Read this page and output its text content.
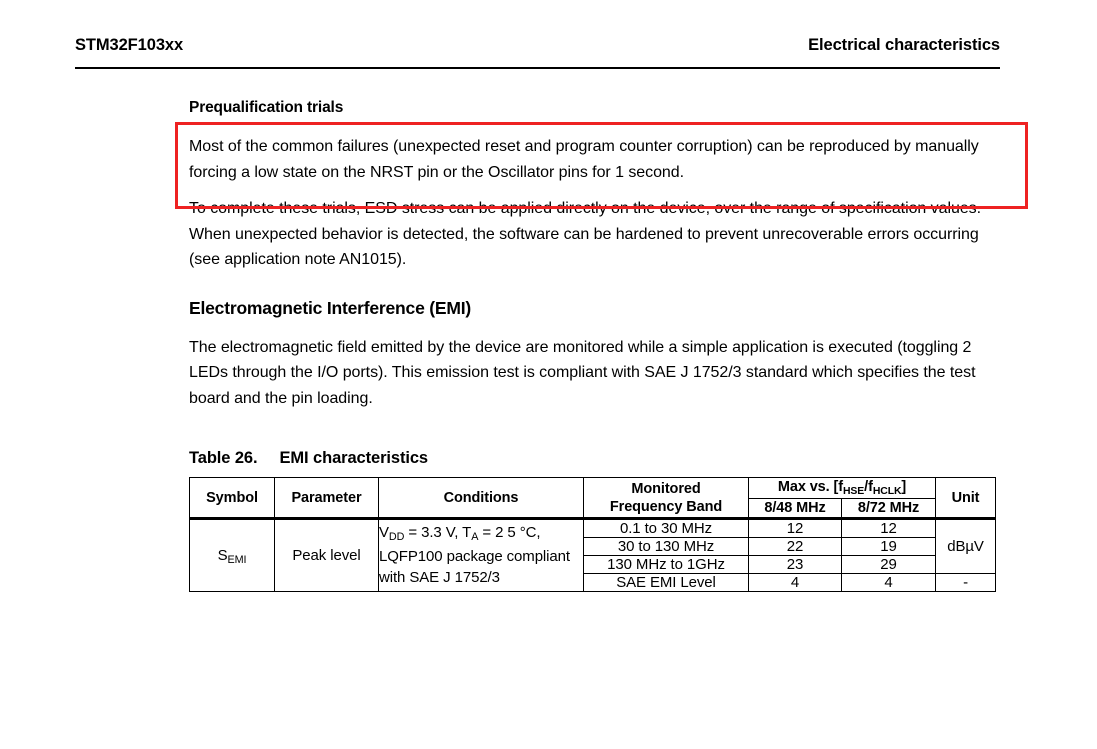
STM32F103xx	Electrical characteristics
Prequalification trials

Most of the common failures (unexpected reset and program counter corruption) can be reproduced by manually forcing a low state on the NRST pin or the Oscillator pins for 1 second.

To complete these trials, ESD stress can be applied directly on the device, over the range of specification values. When unexpected behavior is detected, the software can be hardened to prevent unrecoverable errors occurring (see application note AN1015).

Electromagnetic Interference (EMI)

The electromagnetic field emitted by the device are monitored while a simple application is executed (toggling 2 LEDs through the I/O ports). This emission test is compliant with SAE J 1752/3 standard which specifies the test board and the pin loading.

Table 26. EMI characteristics
Symbol	Parameter	Conditions	Monitored
Frequency Band	Max vs. $[f_{HSE}/f_{HCLK}]$		Unit
				8/48 MHz	8/72 MHz	
$S_{EMI}$	Peak level	$V_{DD} = 3.3$ V, $T_A = 2$ 5 °C, LQFP100 package compliant with SAE J 1752/3	0.1 to 30 MHz	12	12	dBµV
			30 to 130 MHz	22	19	
			130 MHz to 1GHz	23	29	
			SAE EMI Level	4	4	-
